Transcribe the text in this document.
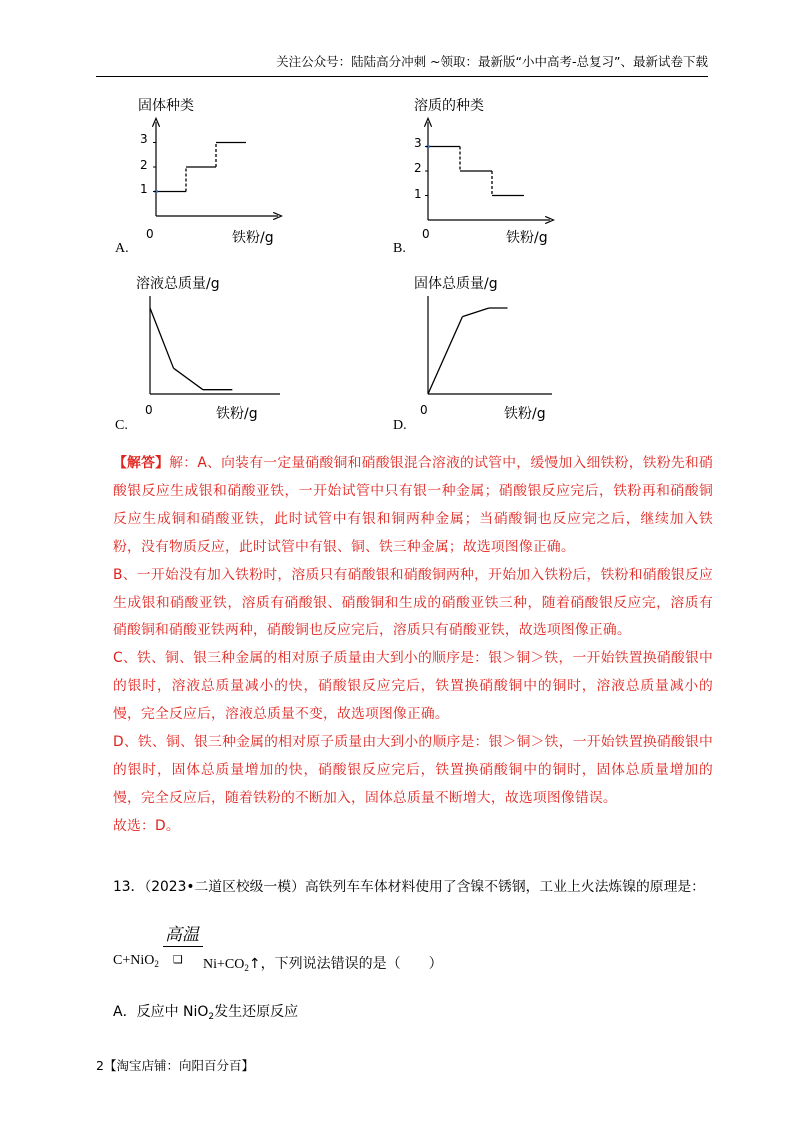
关注公众号：陆陆高分冲刺 ~领取：最新版“小中高考-总复习”、最新试卷下载
固体种类
铁粉/g
0
1
2
3
A.
溶质的种类
铁粉/g
0
1
2
3
B.
溶液总质量/g
铁粉/g
0
C.
固体总质量/g
铁粉/g
0
D.

【解答】解：A、向装有一定量硝酸铜和硝酸银混合溶液的试管中，缓慢加入细铁粉，铁粉先和硝酸银反应生成银和硝酸亚铁，一开始试管中只有银一种金属；硝酸银反应完后，铁粉再和硝酸铜反应生成铜和硝酸亚铁，此时试管中有银和铜两种金属；当硝酸铜也反应完之后，继续加入铁粉，没有物质反应，此时试管中有银、铜、铁三种金属；故选项图像正确。

B、一开始没有加入铁粉时，溶质只有硝酸银和硝酸铜两种，开始加入铁粉后，铁粉和硝酸银反应生成银和硝酸亚铁，溶质有硝酸银、硝酸铜和生成的硝酸亚铁三种，随着硝酸银反应完，溶质有硝酸铜和硝酸亚铁两种，硝酸铜也反应完后，溶质只有硝酸亚铁，故选项图像正确。

C、铁、铜、银三种金属的相对原子质量由大到小的顺序是：银＞铜＞铁，一开始铁置换硝酸银中的银时，溶液总质量减小的快，硝酸银反应完后，铁置换硝酸铜中的铜时，溶液总质量减小的慢，完全反应后，溶液总质量不变，故选项图像正确。

D、铁、铜、银三种金属的相对原子质量由大到小的顺序是：银＞铜＞铁，一开始铁置换硝酸银中的银时，固体总质量增加的快，硝酸银反应完后，铁置换硝酸铜中的铜时，固体总质量增加的慢，完全反应后，随着铁粉的不断加入，固体总质量不断增大，故选项图像错误。

故选：D。

13．（2023•二道区校级一模）高铁列车车体材料使用了含镍不锈钢，工业上火法炼镍的原理是：
C+NiO$_2$
高温
❑ $Ni+CO_2↑$，下列说法错误的是（　　）
A．反应中 NiO$_2$发生还原反应
2【淘宝店铺：向阳百分百】
